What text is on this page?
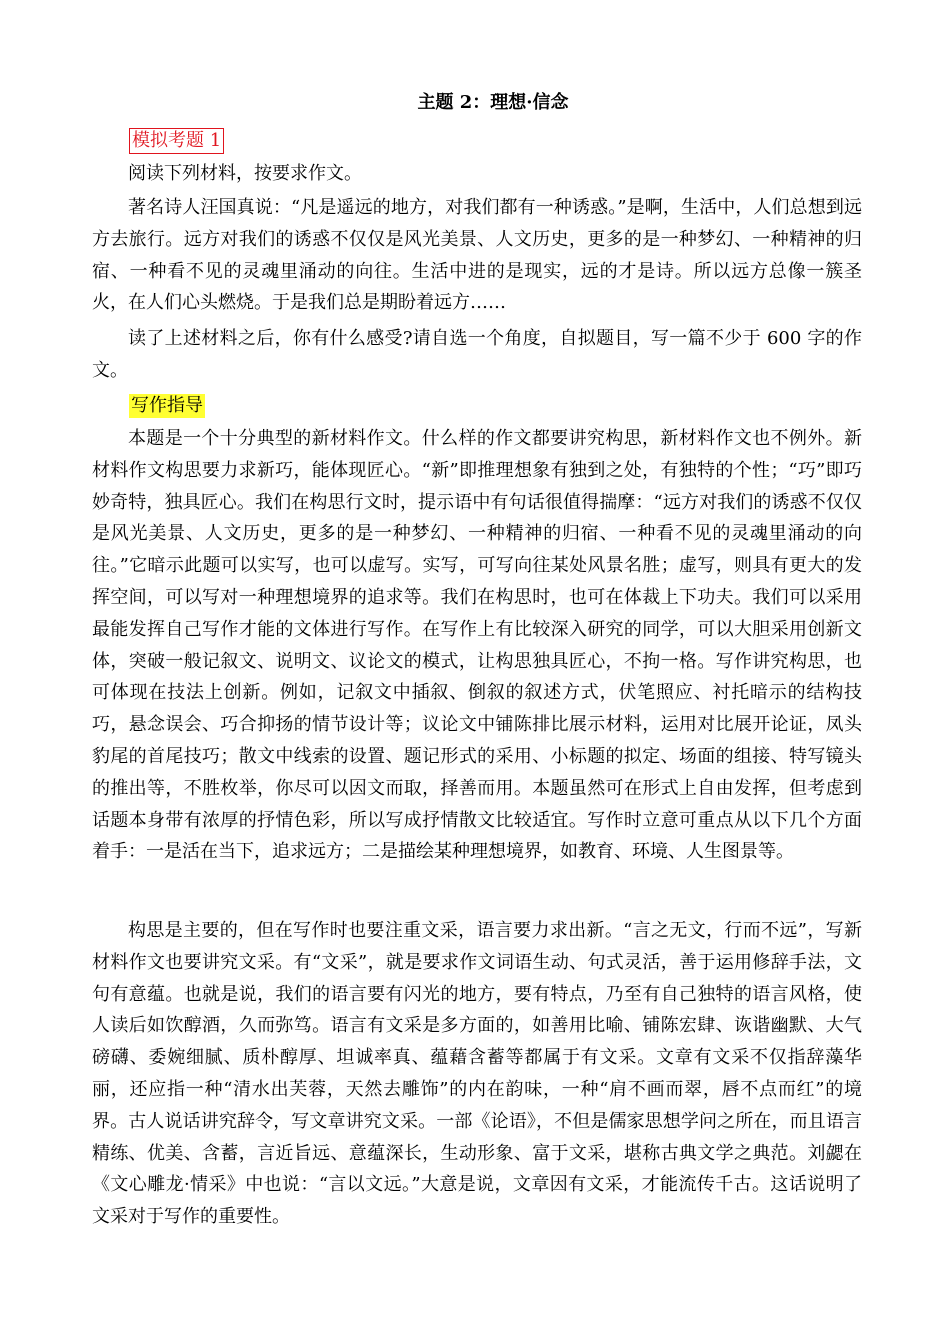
主题 2：理想·信念
模拟考题 1

阅读下列材料，按要求作文。

著名诗人汪国真说：“凡是遥远的地方，对我们都有一种诱惑。”是啊，生活中，人们总想到远方去旅行。远方对我们的诱惑不仅仅是风光美景、人文历史，更多的是一种梦幻、一种精神的归宿、一种看不见的灵魂里涌动的向往。生活中进的是现实，远的才是诗。所以远方总像一簇圣火，在人们心头燃烧。于是我们总是期盼着远方……

读了上述材料之后，你有什么感受?请自选一个角度，自拟题目，写一篇不少于 600 字的作文。

写作指导

本题是一个十分典型的新材料作文。什么样的作文都要讲究构思，新材料作文也不例外。新材料作文构思要力求新巧，能体现匠心。“新”即推理想象有独到之处，有独特的个性；“巧”即巧妙奇特，独具匠心。我们在构思行文时，提示语中有句话很值得揣摩：“远方对我们的诱惑不仅仅是风光美景、人文历史，更多的是一种梦幻、一种精神的归宿、一种看不见的灵魂里涌动的向往。”它暗示此题可以实写，也可以虚写。实写，可写向往某处风景名胜；虚写，则具有更大的发挥空间，可以写对一种理想境界的追求等。我们在构思时，也可在体裁上下功夫。我们可以采用最能发挥自己写作才能的文体进行写作。在写作上有比较深入研究的同学，可以大胆采用创新文体，突破一般记叙文、说明文、议论文的模式，让构思独具匠心，不拘一格。写作讲究构思，也可体现在技法上创新。例如，记叙文中插叙、倒叙的叙述方式，伏笔照应、衬托暗示的结构技巧，悬念误会、巧合抑扬的情节设计等；议论文中铺陈排比展示材料，运用对比展开论证，凤头豹尾的首尾技巧；散文中线索的设置、题记形式的采用、小标题的拟定、场面的组接、特写镜头的推出等，不胜枚举，你尽可以因文而取，择善而用。本题虽然可在形式上自由发挥，但考虑到话题本身带有浓厚的抒情色彩，所以写成抒情散文比较适宜。写作时立意可重点从以下几个方面着手：一是活在当下，追求远方；二是描绘某种理想境界，如教育、环境、人生图景等。

构思是主要的，但在写作时也要注重文采，语言要力求出新。“言之无文，行而不远”，写新材料作文也要讲究文采。有“文采”，就是要求作文词语生动、句式灵活，善于运用修辞手法，文句有意蕴。也就是说，我们的语言要有闪光的地方，要有特点，乃至有自己独特的语言风格，使人读后如饮醇酒，久而弥笃。语言有文采是多方面的，如善用比喻、铺陈宏肆、诙谐幽默、大气磅礴、委婉细腻、质朴醇厚、坦诚率真、蕴藉含蓄等都属于有文采。文章有文采不仅指辞藻华丽，还应指一种“清水出芙蓉，天然去雕饰”的内在韵味，一种“肩不画而翠，唇不点而红”的境界。古人说话讲究辞令，写文章讲究文采。一部《论语》，不但是儒家思想学问之所在，而且语言精练、优美、含蓄，言近旨远、意蕴深长，生动形象、富于文采，堪称古典文学之典范。刘勰在《文心雕龙·情采》中也说：“言以文远。”大意是说，文章因有文采，才能流传千古。这话说明了文采对于写作的重要性。
